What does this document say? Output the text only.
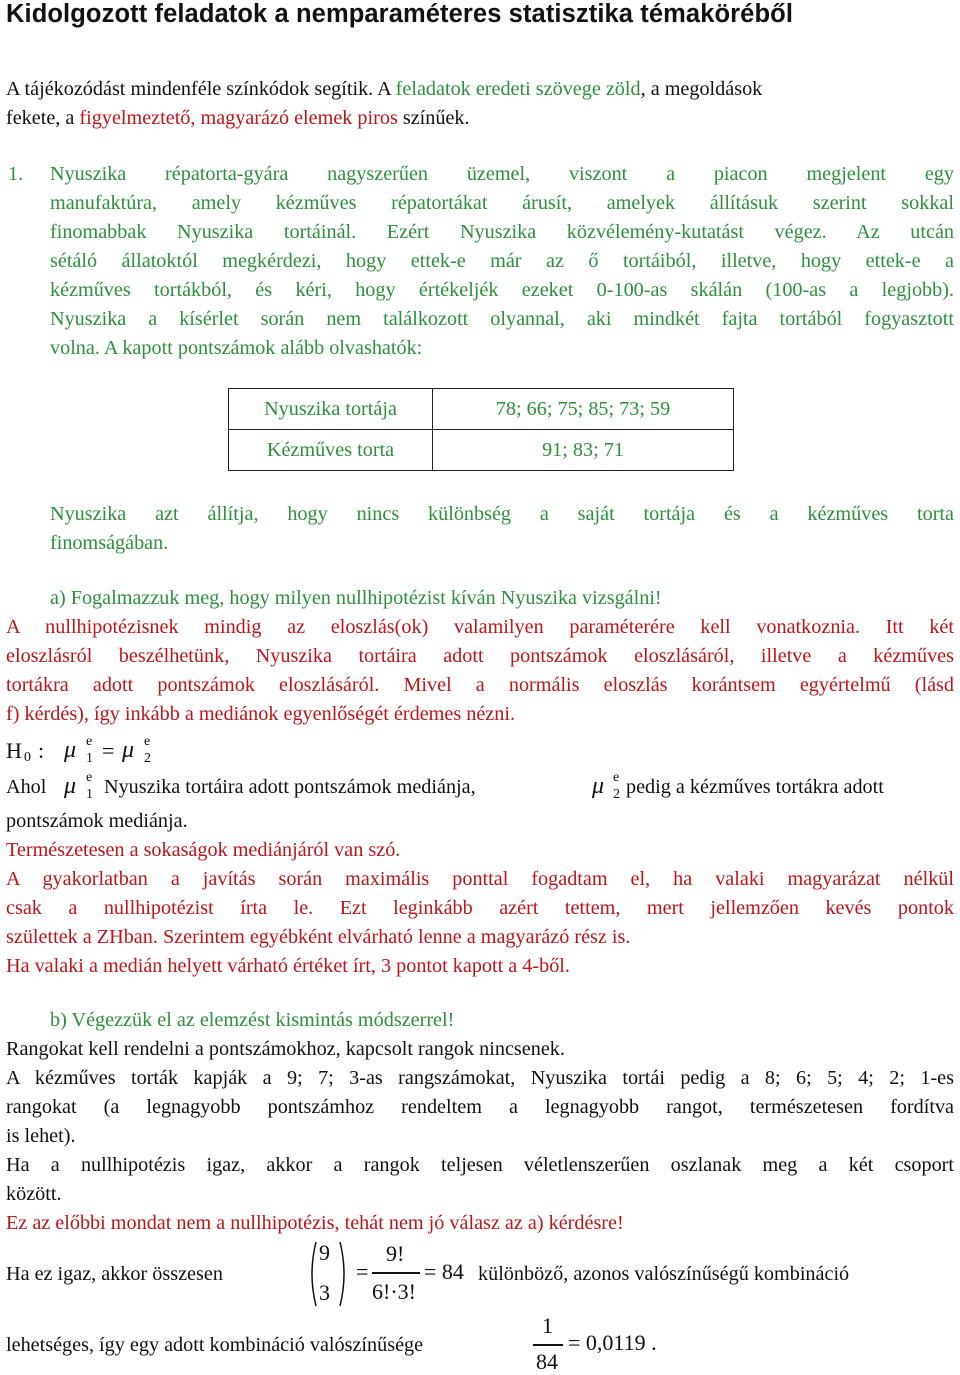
Kidolgozott feladatok a nemparaméteres statisztika témaköréből
A tájékozódást mindenféle színkódok segítik. A feladatok eredeti szövege zöld, a megoldások
fekete, a figyelmeztető, magyarázó elemek piros színűek.
1. Nyuszika répatorta-gyára nagyszerűen üzemel, viszont a piacon megjelent egy
manufaktúra, amely kézműves répatortákat árusít, amelyek állításuk szerint sokkal
finomabbak Nyuszika tortáinál. Ezért Nyuszika közvélemény-kutatást végez. Az utcán
sétáló állatoktól megkérdezi, hogy ettek-e már az ő tortáiból, illetve, hogy ettek-e a
kézműves tortákból, és kéri, hogy értékeljék ezeket 0-100-as skálán (100-as a legjobb).
Nyuszika a kísérlet során nem találkozott olyannal, aki mindkét fajta tortából fogyasztott
volna. A kapott pontszámok alább olvashatók:
Nyuszika tortája	78; 66; 75; 85; 73; 59
Kézműves torta	91; 83; 71
Nyuszika azt állítja, hogy nincs különbség a saját tortája és a kézműves torta
finomságában.
a) Fogalmazzuk meg, hogy milyen nullhipotézist kíván Nyuszika vizsgálni!
A nullhipotézisnek mindig az eloszlás(ok) valamilyen paraméterére kell vonatkoznia. Itt két
eloszlásról beszélhetünk, Nyuszika tortáira adott pontszámok eloszlásáról, illetve a kézműves
tortákra adott pontszámok eloszlásáról. Mivel a normális eloszlás korántsem egyértelmű (lásd
f) kérdés), így inkább a mediánok egyenlőségét érdemes nézni.
H 0 : μ e
1 = μ e
2
Ahol μ e
1 Nyuszika tortáira adott pontszámok mediánja,	μ e
2 pedig a kézműves tortákra adott
pontszámok mediánja.
Természetesen a sokaságok mediánjáról van szó.
A gyakorlatban a javítás során maximális ponttal fogadtam el, ha valaki magyarázat nélkül
csak a nullhipotézist írta le. Ezt leginkább azért tettem, mert jellemzően kevés pontok
születtek a ZHban. Szerintem egyébként elvárható lenne a magyarázó rész is.
Ha valaki a medián helyett várható értéket írt, 3 pontot kapott a 4-ből.
b) Végezzük el az elemzést kismintás módszerrel!
Rangokat kell rendelni a pontszámokhoz, kapcsolt rangok nincsenek.
A kézműves torták kapják a 9; 7; 3-as rangszámokat, Nyuszika tortái pedig a 8; 6; 5; 4; 2; 1-es
rangokat (a legnagyobb pontszámhoz rendeltem a legnagyobb rangot, természetesen fordítva
is lehet).
Ha a nullhipotézis igaz, akkor a rangok teljesen véletlenszerűen oszlanak meg a két csoport
között.
Ez az előbbi mondat nem a nullhipotézis, tehát nem jó válasz az a) kérdésre!
Ha ez igaz, akkor összesen
9
3
=
9!
6!·3!
= 84 különböző, azonos valószínűségű kombináció
lehetséges, így egy adott kombináció valószínűsége
1
84
= 0,0119 .
